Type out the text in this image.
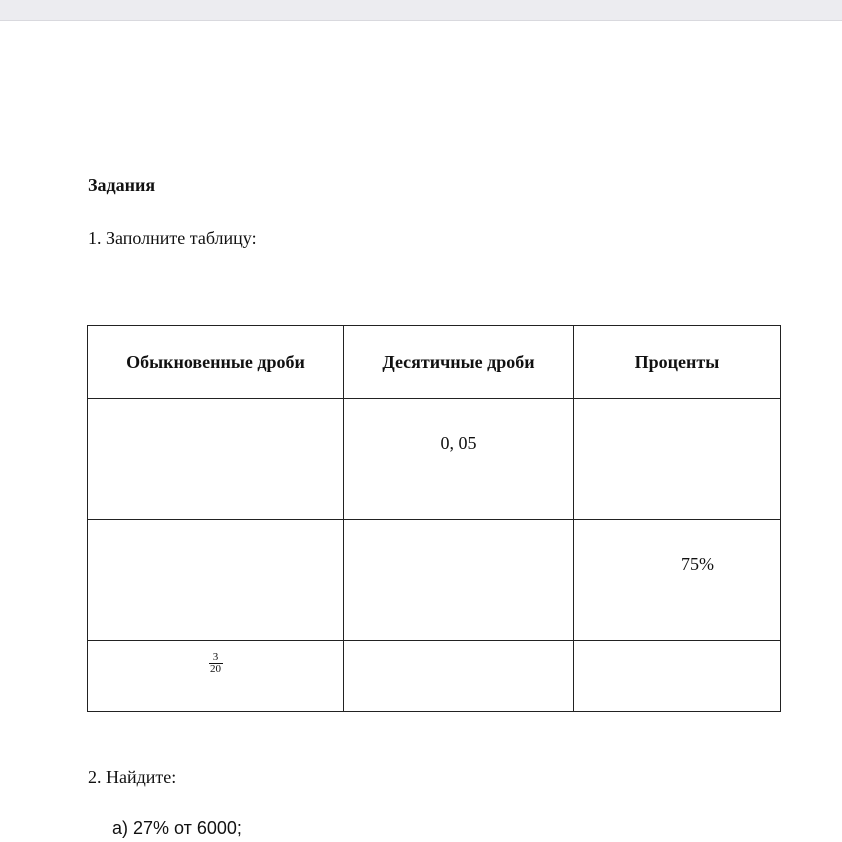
Задания

1. Заполните таблицу:

Обыкновенные дроби	Десятичные дроби	Проценты

	0, 05	

		75%

$\frac{3}{20}$

2. Найдите:

а) 27% от 6000;
